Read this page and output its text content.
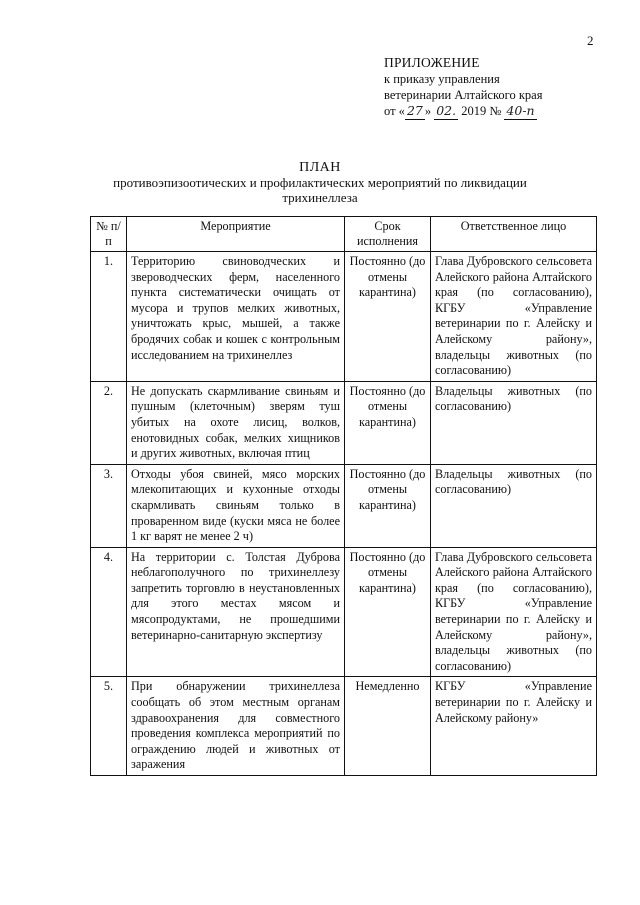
2
ПРИЛОЖЕНИЕ
к приказу управления
ветеринарии Алтайского края
от « 27 » 02. 2019 № 40-п
ПЛАН
противоэпизоотических и профилактических мероприятий по ликвидации
трихинеллеза
№ п/п	Мероприятие	Срок исполнения	Ответственное лицо
1.	Территорию свиноводческих и звероводческих ферм, населенного пункта систематически очищать от мусора и трупов мелких животных, уничтожать крыс, мышей, а также бродячих собак и кошек с контрольным исследованием на трихинеллез	Постоянно (до отмены карантина)	Глава Дубровского сельсовета Алейского района Алтайского края (по согласованию), КГБУ «Управление ветеринарии по г. Алейску и Алейскому району», владельцы животных (по согласованию)
2.	Не допускать скармливание свиньям и пушным (клеточным) зверям туш убитых на охоте лисиц, волков, енотовидных собак, мелких хищников и других животных, включая птиц	Постоянно (до отмены карантина)	Владельцы животных (по согласованию)
3.	Отходы убоя свиней, мясо морских млекопитающих и кухонные отходы скармливать свиньям только в проваренном виде (куски мяса не более 1 кг варят не менее 2 ч)	Постоянно (до отмены карантина)	Владельцы животных (по согласованию)
4.	На территории с. Толстая Дуброва неблагополучного по трихинеллезу запретить торговлю в неустановленных для этого местах мясом и мясопродуктами, не прошедшими ветеринарно-санитарную экспертизу	Постоянно (до отмены карантина)	Глава Дубровского сельсовета Алейского района Алтайского края (по согласованию), КГБУ «Управление ветеринарии по г. Алейску и Алейскому району», владельцы животных (по согласованию)
5.	При обнаружении трихинеллеза сообщать об этом местным органам здравоохранения для совместного проведения комплекса мероприятий по ограждению людей и животных от заражения	Немедленно	КГБУ «Управление ветеринарии по г. Алейску и Алейскому району»
